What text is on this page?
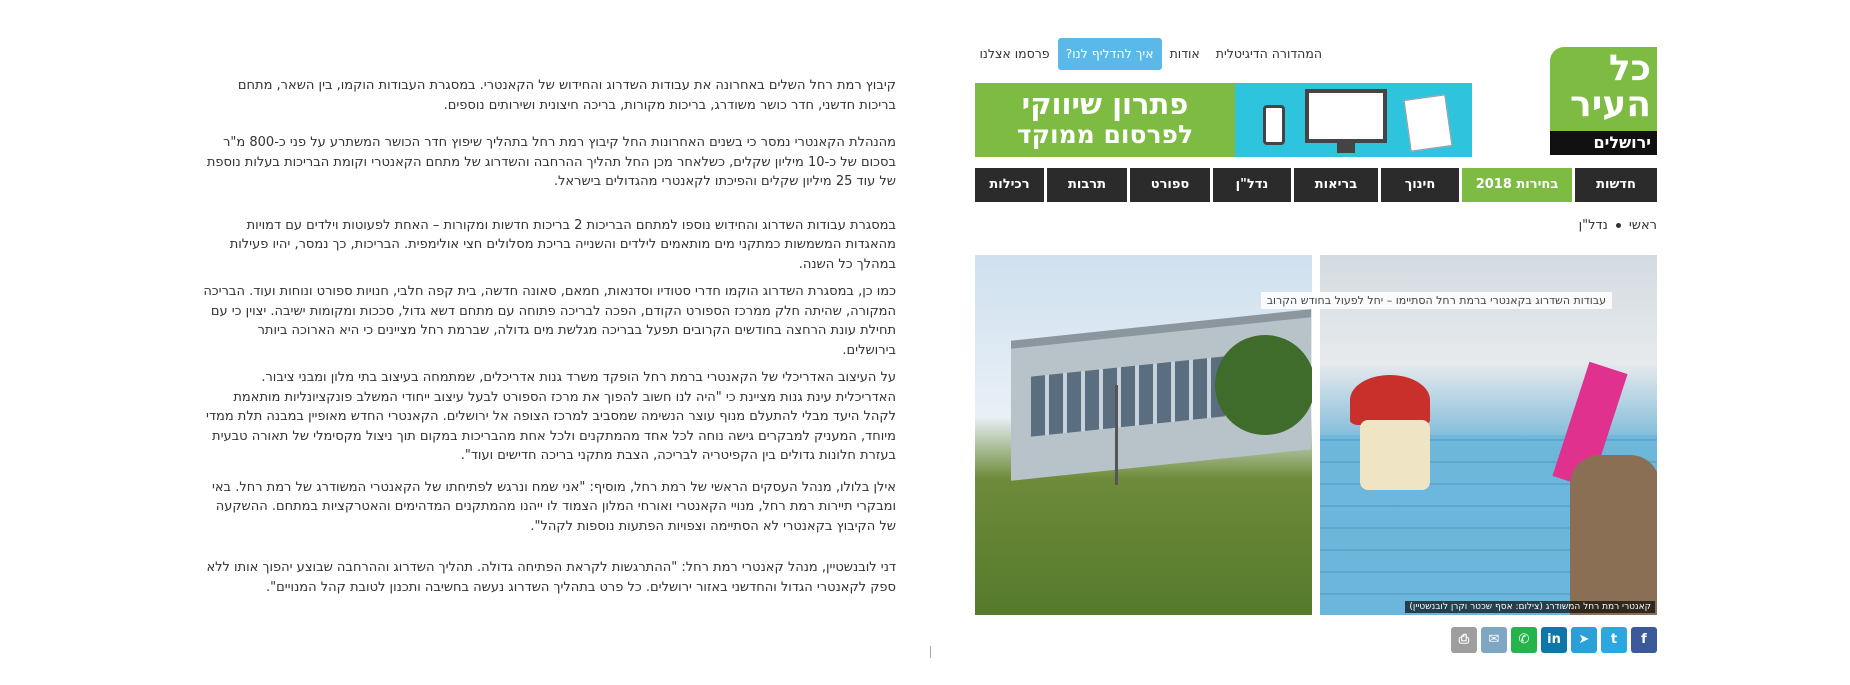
כל
העיר
ירושלים
פרסמו אצלנו	איך להדליף לנו?	אודות	המהדורה הדיגיטלית
פתרון שיווקי
לפרסום ממוקד
חדשות
בחירות 2018
חינוך
בריאות
נדל"ן
ספורט
תרבות
רכילות
ראשי
נדל"ן
קאנטרי רמת רחל המשודרג (צילום: אסף שכטר וקרן לובנשטיין)
עבודות השדרוג בקאנטרי ברמת רחל הסתיימו – יחל לפעול בחודש הקרוב
f
t
➤
in
✆
✉
⎙

קיבוץ רמת רחל השלים באחרונה את עבודות השדרוג והחידוש של הקאנטרי. במסגרת העבודות הוקמו, בין השאר, מתחם בריכות חדשני, חדר כושר משודרג, בריכות מקורות, בריכה חיצונית ושירותים נוספים.

מהנהלת הקאנטרי נמסר כי בשנים האחרונות החל קיבוץ רמת רחל בתהליך שיפוץ חדר הכושר המשתרע על פני כ-800 מ"ר בסכום של כ-10 מיליון שקלים, כשלאחר מכן החל תהליך ההרחבה והשדרוג של מתחם הקאנטרי וקומת הבריכות בעלות נוספת של עוד 25 מיליון שקלים והפיכתו לקאנטרי מהגדולים בישראל.

במסגרת עבודות השדרוג והחידוש נוספו למתחם הבריכות 2 בריכות חדשות ומקורות – האחת לפעוטות וילדים עם דמויות מהאגדות המשמשות כמתקני מים מותאמים לילדים והשנייה בריכת מסלולים חצי אולימפית. הבריכות, כך נמסר, יהיו פעילות במהלך כל השנה.

כמו כן, במסגרת השדרוג הוקמו חדרי סטודיו וסדנאות, חמאם, סאונה חדשה, בית קפה חלבי, חנויות ספורט ונוחות ועוד. הבריכה המקורה, שהיתה חלק ממרכז הספורט הקודם, הפכה לבריכה פתוחה עם מתחם דשא גדול, סככות ומקומות ישיבה. יצוין כי עם תחילת עונת הרחצה בחודשים הקרובים תפעל בבריכה מגלשת מים גדולה, שברמת רחל מציינים כי היא הארוכה ביותר בירושלים.

על העיצוב האדריכלי של הקאנטרי ברמת רחל הופקד משרד גנות אדריכלים, שמתמחה בעיצוב בתי מלון ומבני ציבור. האדריכלית עינת גנות מציינת כי "היה לנו חשוב להפוך את מרכז הספורט לבעל עיצוב ייחודי המשלב פונקציונליות מותאמת לקהל היעד מבלי להתעלם מנוף עוצר הנשימה שמסביב למרכז הצופה אל ירושלים. הקאנטרי החדש מאופיין במבנה תלת ממדי מיוחד, המעניק למבקרים גישה נוחה לכל אחד מהמתקנים ולכל אחת מהבריכות במקום תוך ניצול מקסימלי של תאורה טבעית בעזרת חלונות גדולים בין הקפיטריה לבריכה, הצבת מתקני בריכה חדישים ועוד".

אילן בלולו, מנהל העסקים הראשי של רמת רחל, מוסיף: "אני שמח ונרגש לפתיחתו של הקאנטרי המשודרג של רמת רחל. באי ומבקרי תיירות רמת רחל, מנויי הקאנטרי ואורחי המלון הצמוד לו ייהנו מהמתקנים המדהימים והאטרקציות במתחם. ההשקעה של הקיבוץ בקאנטרי לא הסתיימה וצפויות הפתעות נוספות לקהל".

דני לובנשטיין, מנהל קאנטרי רמת רחל: "ההתרגשות לקראת הפתיחה גדולה. תהליך השדרוג וההרחבה שבוצע יהפוך אותו ללא ספק לקאנטרי הגדול והחדשני באזור ירושלים. כל פרט בתהליך השדרוג נעשה בחשיבה ותכנון לטובת קהל המנויים".
